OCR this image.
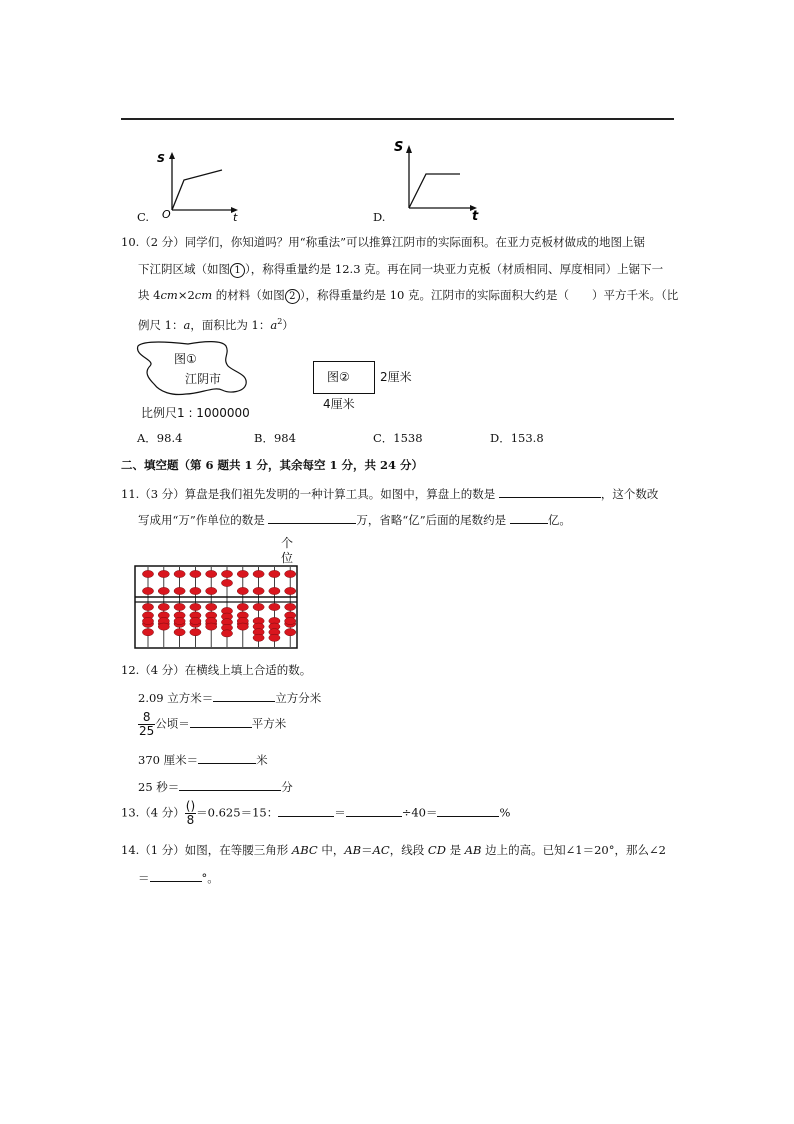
C.
S
t
O	D.
S
t
10.（2 分）同学们，你知道吗？用“称重法”可以推算江阴市的实际面积。在亚力克板材做成的地图上锯
下江阴区域（如图 1 ），称得重量约是 12.3 克。再在同一块亚力克板（材质相同、厚度相同）上锯下一
块 4cm×2cm 的材料（如图 2 ），称得重量约是 10 克。江阴市的实际面积大约是（　　）平方千米。（比
例尺 1：a，面积比为 1：$a^2$）
图①
江阴市
比例尺1 : 1000000
图②	2厘米
4厘米
A．98.4	B．984	C．1538	D．153.8
二、填空题（第 6 题共 1 分，其余每空 1 分，共 24 分）
11.（3 分）算盘是我们祖先发明的一种计算工具。如图中，算盘上的数是	，这个数改
写成用“万”作单位的数是	万，省略“亿”后面的尾数约是	亿。
个
位
12.（4 分）在横线上填上合适的数。
2.09 立方米＝	立方分米
$\frac{8}{25}$ 公顷＝	平方米
370 厘米＝	米
25 秒＝	分
13.（4 分） $\frac{()}{8} =0.625=15$：	＝	÷40＝	%
14.（1 分）如图，在等腰三角形 ABC 中，AB＝AC，线段 CD 是 AB 边上的高。已知∠1＝20°，那么∠2
＝	°。
